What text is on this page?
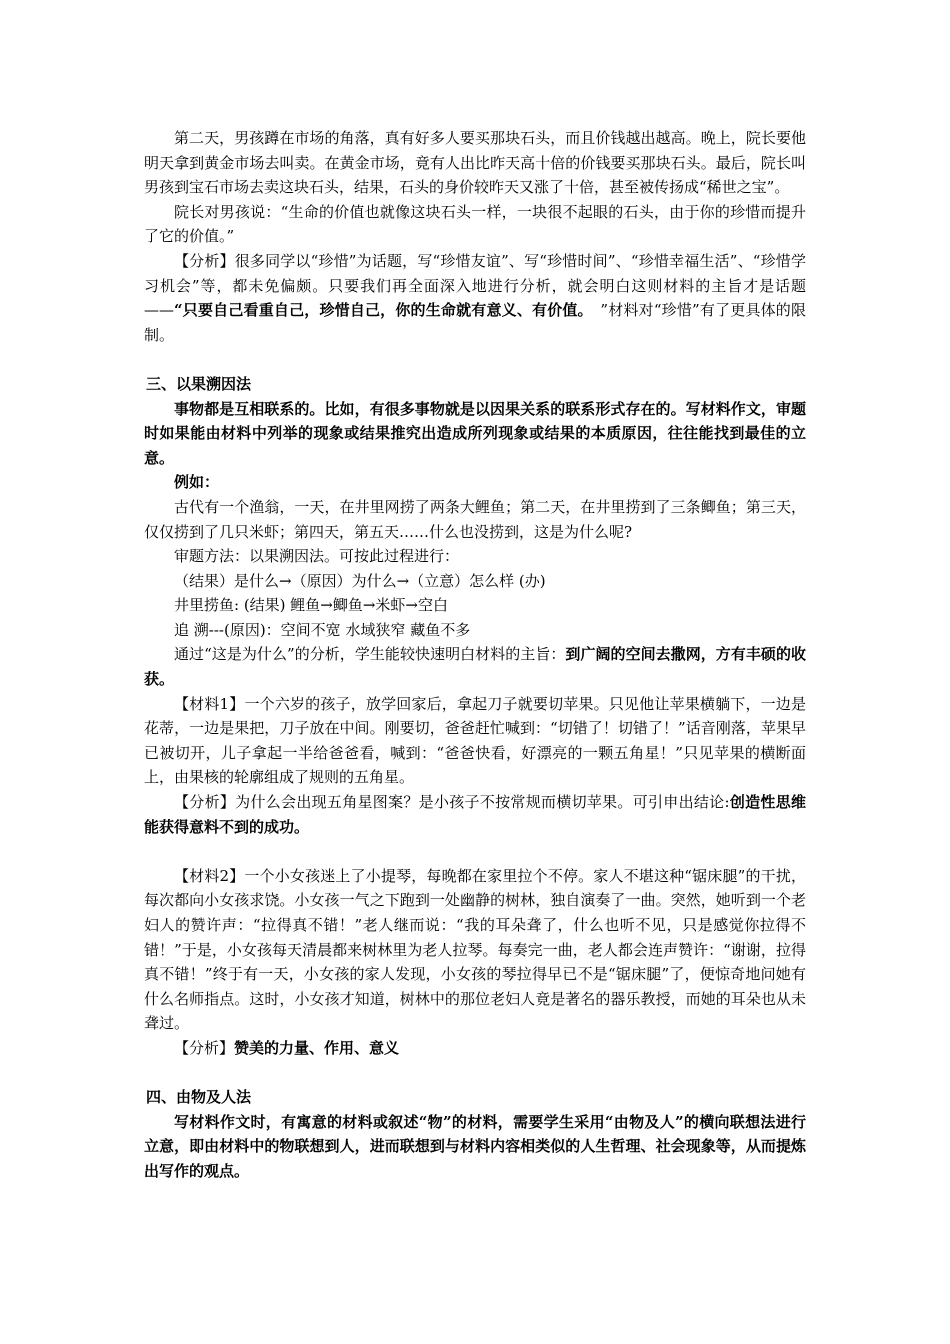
第二天，男孩蹲在市场的角落，真有好多人要买那块石头，而且价钱越出越高。晚上，院长要他明天拿到黄金市场去叫卖。在黄金市场，竟有人出比昨天高十倍的价钱要买那块石头。最后，院长叫男孩到宝石市场去卖这块石头，结果，石头的身价较昨天又涨了十倍，甚至被传扬成“稀世之宝”。

院长对男孩说：“生命的价值也就像这块石头一样，一块很不起眼的石头，由于你的珍惜而提升了它的价值。”

【分析】很多同学以“珍惜”为话题，写“珍惜友谊”、写“珍惜时间”、“珍惜幸福生活”、“珍惜学习机会”等，都未免偏颇。只要我们再全面深入地进行分析，就会明白这则材料的主旨才是话题——“只要自己看重自己，珍惜自己，你的生命就有意义、有价值。　”材料对“珍惜”有了更具体的限制。

三、以果溯因法

事物都是互相联系的。比如，有很多事物就是以因果关系的联系形式存在的。写材料作文，审题时如果能由材料中列举的现象或结果推究出造成所列现象或结果的本质原因，往往能找到最佳的立意。

例如：

古代有一个渔翁，一天，在井里网捞了两条大鲤鱼；第二天，在井里捞到了三条鲫鱼；第三天，仅仅捞到了几只米虾；第四天，第五天……什么也没捞到，这是为什么呢?

审题方法：以果溯因法。可按此过程进行：

（结果）是什么→（原因）为什么→（立意）怎么样 (办)

井里捞鱼: (结果) 鲤鱼→鲫鱼→米虾→空白

追 溯---(原因)：空间不宽 水域狭窄 藏鱼不多

通过“这是为什么”的分析，学生能较快速明白材料的主旨：到广阔的空间去撒网，方有丰硕的收获。

【材料1】一个六岁的孩子，放学回家后，拿起刀子就要切苹果。只见他让苹果横躺下，一边是花蒂，一边是果把，刀子放在中间。刚要切，爸爸赶忙喊到：“切错了！切错了！”话音刚落，苹果早已被切开，儿子拿起一半给爸爸看，喊到：“爸爸快看，好漂亮的一颗五角星！”只见苹果的横断面上，由果核的轮廓组成了规则的五角星。

【分析】为什么会出现五角星图案？是小孩子不按常规而横切苹果。可引申出结论:创造性思维能获得意料不到的成功。

【材料2】一个小女孩迷上了小提琴，每晚都在家里拉个不停。家人不堪这种“锯床腿”的干扰，每次都向小女孩求饶。小女孩一气之下跑到一处幽静的树林，独自演奏了一曲。突然，她听到一个老妇人的赞许声：“拉得真不错！”老人继而说：“我的耳朵聋了，什么也听不见，只是感觉你拉得不错！”于是，小女孩每天清晨都来树林里为老人拉琴。每奏完一曲，老人都会连声赞许：“谢谢，拉得真不错！”终于有一天，小女孩的家人发现，小女孩的琴拉得早已不是“锯床腿”了，便惊奇地问她有什么名师指点。这时，小女孩才知道，树林中的那位老妇人竟是著名的器乐教授，而她的耳朵也从未聋过。

【分析】赞美的力量、作用、意义

四、由物及人法

写材料作文时，有寓意的材料或叙述“物”的材料，需要学生采用“由物及人”的横向联想法进行立意，即由材料中的物联想到人，进而联想到与材料内容相类似的人生哲理、社会现象等，从而提炼出写作的观点。
